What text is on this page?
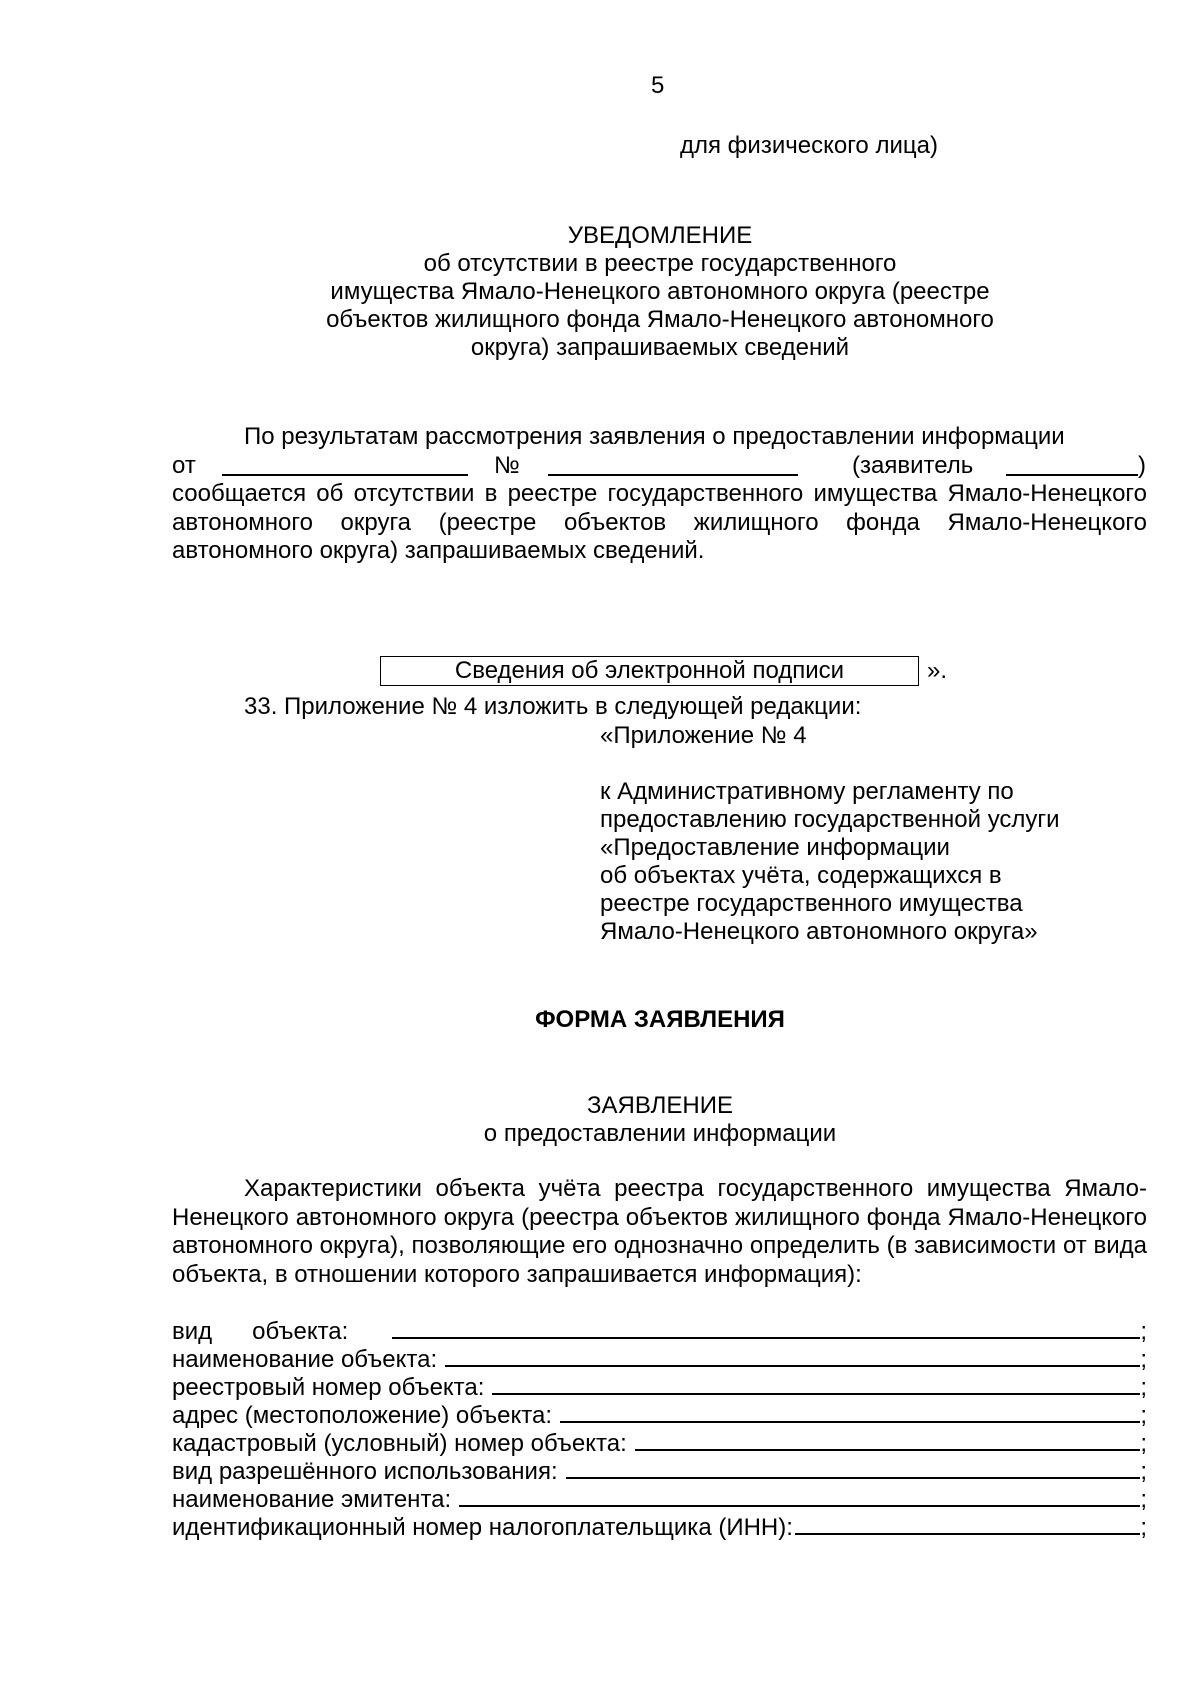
5
для физического лица)
УВЕДОМЛЕНИЕ
об отсутствии в реестре государственного
имущества Ямало-Ненецкого автономного округа (реестре
объектов жилищного фонда Ямало-Ненецкого автономного
округа) запрашиваемых сведений
По результатам рассмотрения заявления о предоставлении информации
от	№	(заявитель	)
сообщается об отсутствии в реестре государственного имущества Ямало-Ненецкого автономного округа (реестре объектов жилищного фонда Ямало-Ненецкого автономного округа) запрашиваемых сведений.
Сведения об электронной подписи	».
33. Приложение № 4 изложить в следующей редакции:
«Приложение № 4
к Административному регламенту по
предоставлению государственной услуги
«Предоставление информации
об объектах учёта, содержащихся в
реестре государственного имущества
Ямало-Ненецкого автономного округа»
ФОРМА ЗАЯВЛЕНИЯ
ЗАЯВЛЕНИЕ
о предоставлении информации
Характеристики объекта учёта реестра государственного имущества Ямало-Ненецкого автономного округа (реестра объектов жилищного фонда Ямало-Ненецкого автономного округа), позволяющие его однозначно определить (в зависимости от вида объекта, в отношении которого запрашивается информация):
вид      объекта:	;
наименование объекта:	;
реестровый номер объекта:	;
адрес (местоположение) объекта:	;
кадастровый (условный) номер объекта:	;
вид разрешённого использования:	;
наименование эмитента:	;
идентификационный номер налогоплательщика (ИНН):	;
